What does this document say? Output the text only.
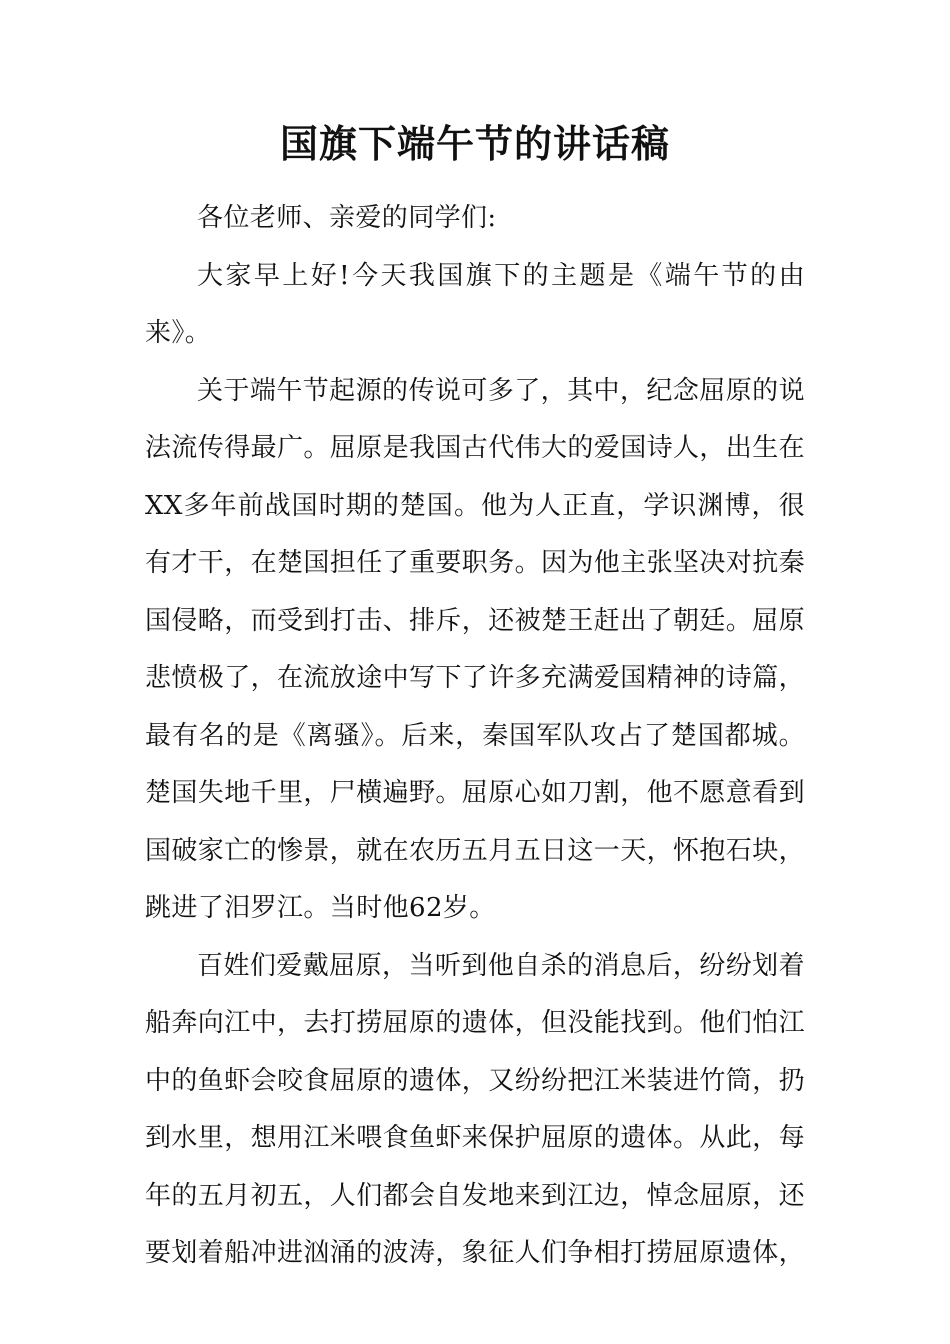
国旗下端午节的讲话稿

各位老师、亲爱的同学们:

大家早上好!今天我国旗下的主题是《端午节的由来》。

关于端午节起源的传说可多了，其中，纪念屈原的说法流传得最广。屈原是我国古代伟大的爱国诗人，出生在XX多年前战国时期的楚国。他为人正直，学识渊博，很有才干，在楚国担任了重要职务。因为他主张坚决对抗秦国侵略，而受到打击、排斥，还被楚王赶出了朝廷。屈原悲愤极了，在流放途中写下了许多充满爱国精神的诗篇，最有名的是《离骚》。后来，秦国军队攻占了楚国都城。楚国失地千里，尸横遍野。屈原心如刀割，他不愿意看到国破家亡的惨景，就在农历五月五日这一天，怀抱石块，跳进了汨罗江。当时他62岁。

百姓们爱戴屈原，当听到他自杀的消息后，纷纷划着船奔向江中，去打捞屈原的遗体，但没能找到。他们怕江中的鱼虾会咬食屈原的遗体，又纷纷把江米装进竹筒，扔到水里，想用江米喂食鱼虾来保护屈原的遗体。从此，每年的五月初五，人们都会自发地来到江边，悼念屈原，还要划着船冲进汹涌的波涛，象征人们争相打捞屈原遗体，
